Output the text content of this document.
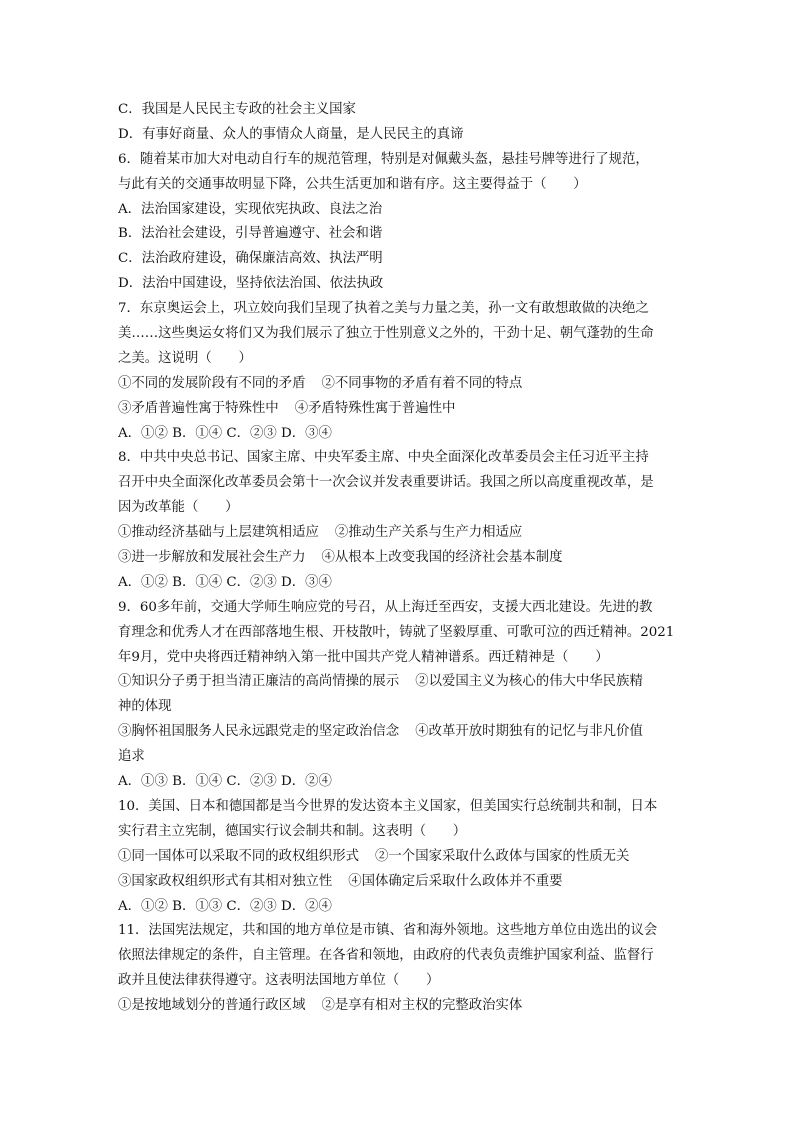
C．我国是人民民主专政的社会主义国家
D．有事好商量、众人的事情众人商量，是人民民主的真谛
6．随着某市加大对电动自行车的规范管理，特别是对佩戴头盔，悬挂号牌等进行了规范，
与此有关的交通事故明显下降，公共生活更加和谐有序。这主要得益于（　　）
A．法治国家建设，实现依宪执政、良法之治
B．法治社会建设，引导普遍遵守、社会和谐
C．法治政府建设，确保廉洁高效、执法严明
D．法治中国建设，坚持依法治国、依法执政
7．东京奥运会上，巩立姣向我们呈现了执着之美与力量之美，孙一文有敢想敢做的决绝之
美……这些奥运女将们又为我们展示了独立于性别意义之外的，干劲十足、朝气蓬勃的生命
之美。这说明（　　）
①不同的发展阶段有不同的矛盾 ②不同事物的矛盾有着不同的特点
③矛盾普遍性寓于特殊性中 ④矛盾特殊性寓于普遍性中
A．①② B．①④ C．②③ D．③④
8．中共中央总书记、国家主席、中央军委主席、中央全面深化改革委员会主任习近平主持
召开中央全面深化改革委员会第十一次会议并发表重要讲话。我国之所以高度重视改革，是
因为改革能（　　）
①推动经济基础与上层建筑相适应 ②推动生产关系与生产力相适应
③进一步解放和发展社会生产力 ④从根本上改变我国的经济社会基本制度
A．①② B．①④ C．②③ D．③④
9．60多年前，交通大学师生响应党的号召，从上海迁至西安，支援大西北建设。先进的教
育理念和优秀人才在西部落地生根、开枝散叶，铸就了坚毅厚重、可歌可泣的西迁精神。2021
年9月，党中央将西迁精神纳入第一批中国共产党人精神谱系。西迁精神是（　　）
①知识分子勇于担当清正廉洁的高尚情操的展示 ②以爱国主义为核心的伟大中华民族精
神的体现
③胸怀祖国服务人民永远跟党走的坚定政治信念 ④改革开放时期独有的记忆与非凡价值
追求
A．①③ B．①④ C．②③ D．②④
10．美国、日本和德国都是当今世界的发达资本主义国家，但美国实行总统制共和制，日本
实行君主立宪制，德国实行议会制共和制。这表明（　　）
①同一国体可以采取不同的政权组织形式 ②一个国家采取什么政体与国家的性质无关
③国家政权组织形式有其相对独立性 ④国体确定后采取什么政体并不重要
A．①② B．①③ C．②③ D．②④
11．法国宪法规定，共和国的地方单位是市镇、省和海外领地。这些地方单位由选出的议会
依照法律规定的条件，自主管理。在各省和领地，由政府的代表负责维护国家利益、监督行
政并且使法律获得遵守。这表明法国地方单位（　　）
①是按地域划分的普通行政区域 ②是享有相对主权的完整政治实体
